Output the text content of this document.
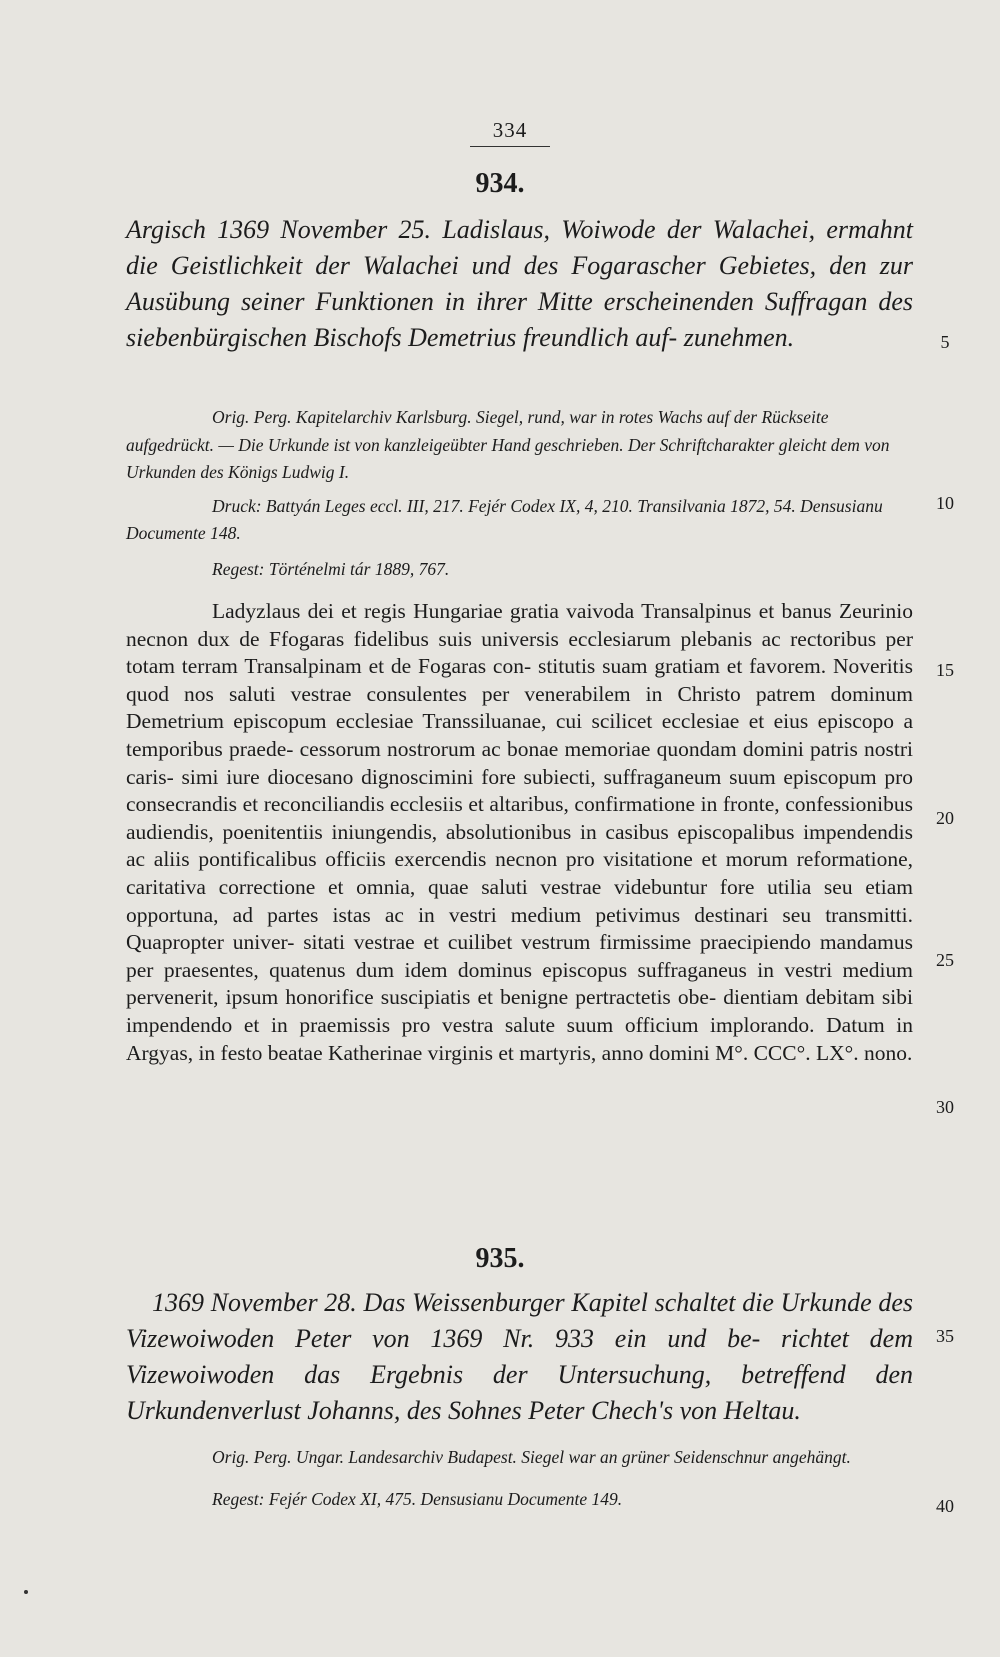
334
934.

Argisch 1369 November 25. Ladislaus, Woiwode der Walachei, ermahnt die Geistlichkeit der Walachei und des Fogarascher Gebietes, den zur Ausübung seiner Funktionen in ihrer Mitte erscheinenden Suffragan des siebenbürgischen Bischofs Demetrius freundlich auf- zunehmen.

Orig. Perg. Kapitelarchiv Karlsburg. Siegel, rund, war in rotes Wachs auf der Rückseite aufgedrückt. — Die Urkunde ist von kanzleigeübter Hand geschrieben. Der Schriftcharakter gleicht dem von Urkunden des Königs Ludwig I.

Druck: Battyán Leges eccl. III, 217. Fejér Codex IX, 4, 210. Transilvania 1872, 54. Densusianu Documente 148.

Regest: Történelmi tár 1889, 767.

Ladyzlaus dei et regis Hungariae gratia vaivoda Transalpinus et banus Zeurinio necnon dux de Ffogaras fidelibus suis universis ecclesiarum plebanis ac rectoribus per totam terram Transalpinam et de Fogaras con- stitutis suam gratiam et favorem. Noveritis quod nos saluti vestrae consulentes per venerabilem in Christo patrem dominum Demetrium episcopum ecclesiae Transsiluanae, cui scilicet ecclesiae et eius episcopo a temporibus praede- cessorum nostrorum ac bonae memoriae quondam domini patris nostri caris- simi iure diocesano dignoscimini fore subiecti, suffraganeum suum episcopum pro consecrandis et reconciliandis ecclesiis et altaribus, confirmatione in fronte, confessionibus audiendis, poenitentiis iniungendis, absolutionibus in casibus episcopalibus impendendis ac aliis pontificalibus officiis exercendis necnon pro visitatione et morum reformatione, caritativa correctione et omnia, quae saluti vestrae videbuntur fore utilia seu etiam opportuna, ad partes istas ac in vestri medium petivimus destinari seu transmitti. Quapropter univer- sitati vestrae et cuilibet vestrum firmissime praecipiendo mandamus per praesentes, quatenus dum idem dominus episcopus suffraganeus in vestri medium pervenerit, ipsum honorifice suscipiatis et benigne pertractetis obe- dientiam debitam sibi impendendo et in praemissis pro vestra salute suum officium implorando. Datum in Argyas, in festo beatae Katherinae virginis et martyris, anno domini M°. CCC°. LX°. nono.

935.

1369 November 28. Das Weissenburger Kapitel schaltet die Urkunde des Vizewoiwoden Peter von 1369 Nr. 933 ein und be- richtet dem Vizewoiwoden das Ergebnis der Untersuchung, betreffend den Urkundenverlust Johanns, des Sohnes Peter Chech's von Heltau.

Orig. Perg. Ungar. Landesarchiv Budapest. Siegel war an grüner Seidenschnur angehängt.

Regest: Fejér Codex XI, 475. Densusianu Documente 149.

5
10
15
20
25
30
35
40
